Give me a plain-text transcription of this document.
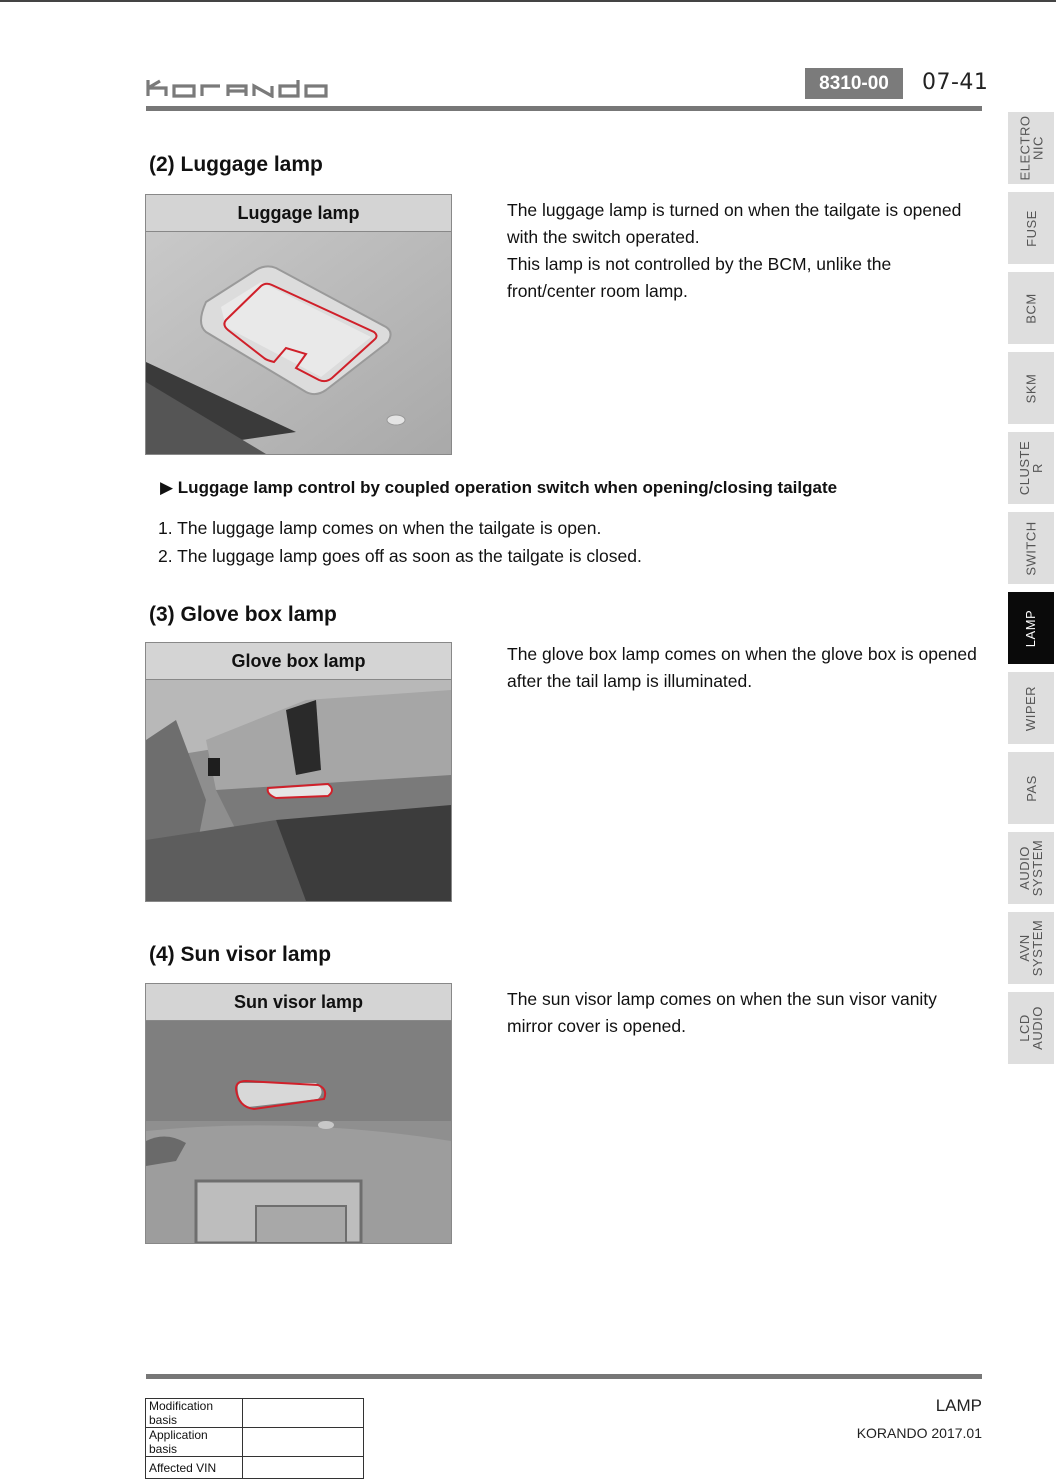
8310-00	07-41
(2) Luggage lamp
Luggage lamp	The luggage lamp is turned on when the tailgate is opened with the switch operated.

This lamp is not controlled by the BCM, unlike the front/center room lamp.

▶ Luggage lamp control by coupled operation switch when opening/closing tailgate
1. The luggage lamp comes on when the tailgate is open.
2. The luggage lamp goes off as soon as the tailgate is closed.
(3) Glove box lamp
Glove box lamp	The glove box lamp comes on when the glove box is opened after the tail lamp is illuminated.
(4) Sun visor lamp
Sun visor lamp	The sun visor lamp comes on when the sun visor vanity mirror cover is opened.
ELECTRO
NIC
FUSE
BCM
SKM
CLUSTE
R
SWITCH
LAMP
WIPER
PAS
AUDIO
SYSTEM
AVN
SYSTEM
LCD
AUDIO
Modification basis	
Application basis	
Affected VIN	
LAMP
KORANDO 2017.01
